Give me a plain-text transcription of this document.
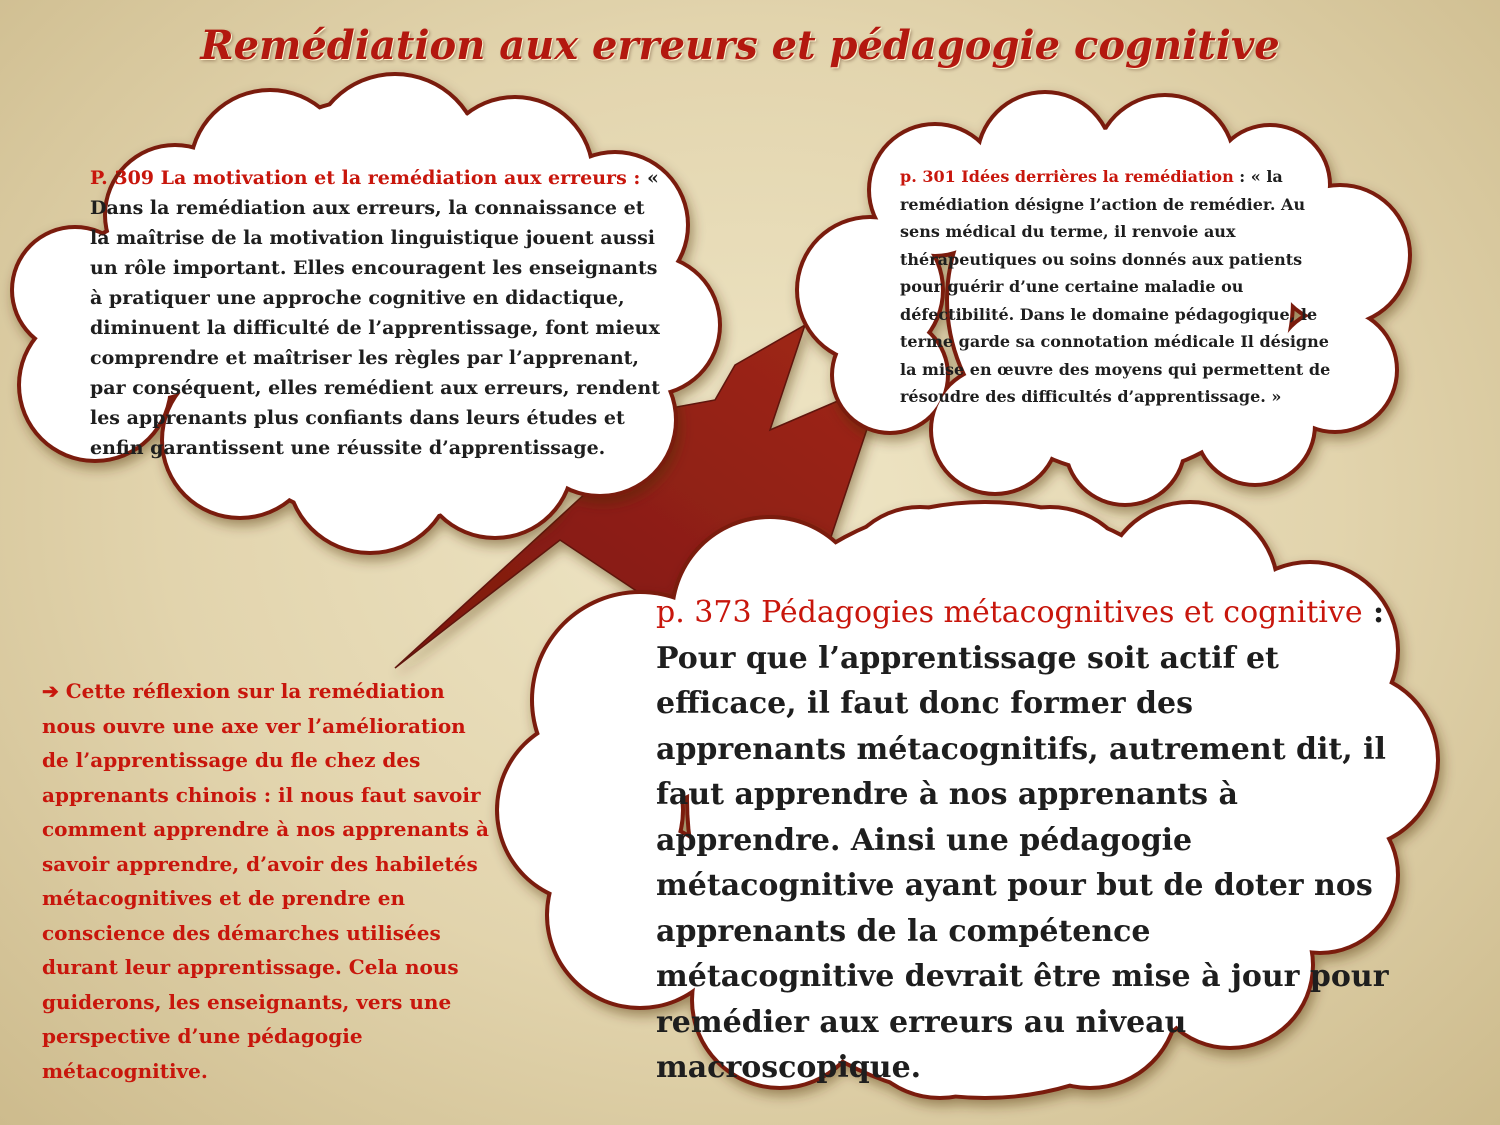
Remédiation aux erreurs et pédagogie cognitive

P. 309 La motivation et la remédiation aux erreurs : « Dans la remédiation aux erreurs, la connaissance et la maîtrise de la motivation linguistique jouent aussi un rôle important. Elles encouragent les enseignants à pratiquer une approche cognitive en didactique, diminuent la difficulté de l’apprentissage, font mieux comprendre et maîtriser les règles par l’apprenant, par conséquent, elles remédient aux erreurs, rendent les apprenants plus confiants dans leurs études et enfin garantissent une réussite d’apprentissage.

p. 301 Idées derrières la remédiation : « la remédiation désigne l’action de remédier. Au sens médical du terme, il renvoie aux thérapeutiques ou soins donnés aux patients pour guérir d’une certaine maladie ou défectibilité. Dans le domaine pédagogique, le terme garde sa connotation médicale Il désigne la mise en œuvre des moyens qui permettent de résoudre des difficultés d’apprentissage. »

p. 373 Pédagogies métacognitives et cognitive : Pour que l’apprentissage soit actif et efficace, il faut donc former des apprenants métacognitifs, autrement dit, il faut apprendre à nos apprenants à apprendre. Ainsi une pédagogie métacognitive ayant pour but de doter nos apprenants de la compétence métacognitive devrait être mise à jour pour remédier aux erreurs au niveau macroscopique.

➔ Cette réflexion sur la remédiation nous ouvre une axe ver l’amélioration de l’apprentissage du fle chez des apprenants chinois : il nous faut savoir comment apprendre à nos apprenants à savoir apprendre, d’avoir des habiletés métacognitives et de prendre en conscience des démarches utilisées durant leur apprentissage. Cela nous guiderons, les enseignants, vers une perspective d’une pédagogie métacognitive.
